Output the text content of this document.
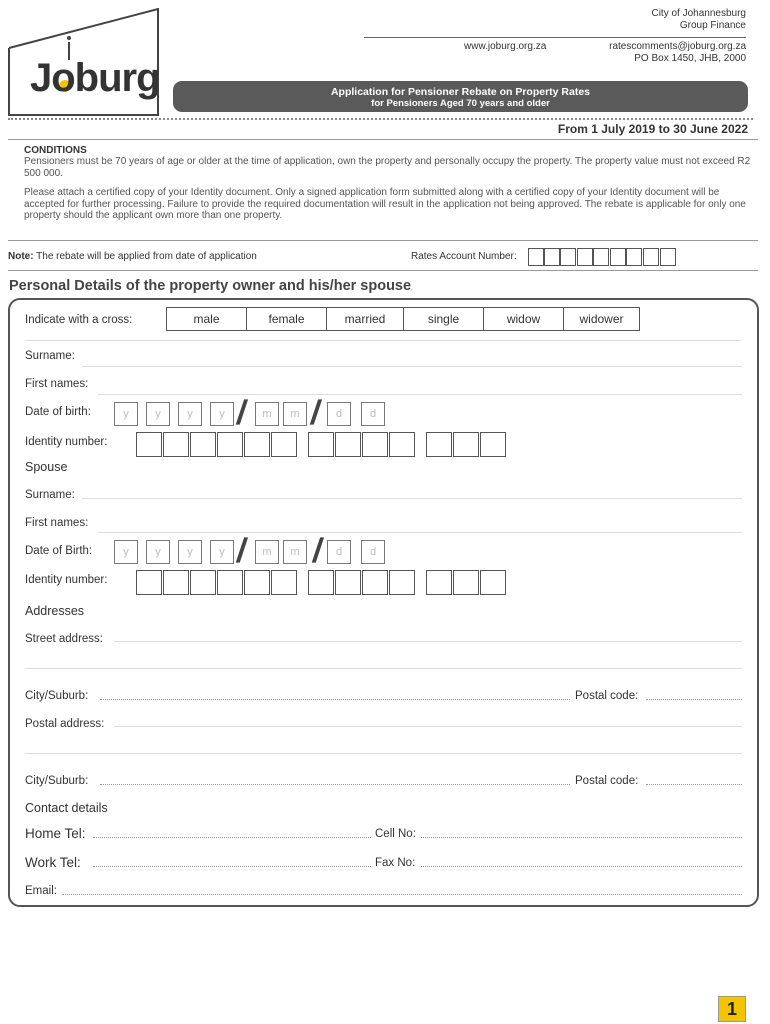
Joburg
City of Johannesburg
Group Finance
www.joburg.org.za	ratescomments@joburg.org.za
PO Box 1450, JHB, 2000
Application for Pensioner Rebate on Property Rates
for Pensioners Aged 70 years and older
From 1 July 2019 to 30 June 2022
CONDITIONS
Pensioners must be 70 years of age or older at the time of application, own the property and personally occupy the property. The property value must not exceed R2 500 000.
Please attach a certified copy of your Identity document. Only a signed application form submitted along with a certified copy of your Identity document will be accepted for further processing. Failure to provide the required documentation will result in the application not being approved. The rebate is applicable for only one property should the applicant own more than one property.
Note: The rebate will be applied from date of application	Rates Account Number:
Personal Details of the property owner and his/her spouse
Indicate with a cross:	male	female	married	single	widow	widower
Surname:
First names:
Date of birth:	y	y	y	y /	m	m /	d	d
Identity number:
Spouse
Surname:
First names:
Date of Birth:	y	y	y	y /	m	m / d	d
Identity number:
Addresses
Street address:
City/Suburb:	Postal code:
Postal address:
City/Suburb:	Postal code:
Contact details
Home Tel:	Cell No:
Work Tel:	Fax No:
Email:
1
